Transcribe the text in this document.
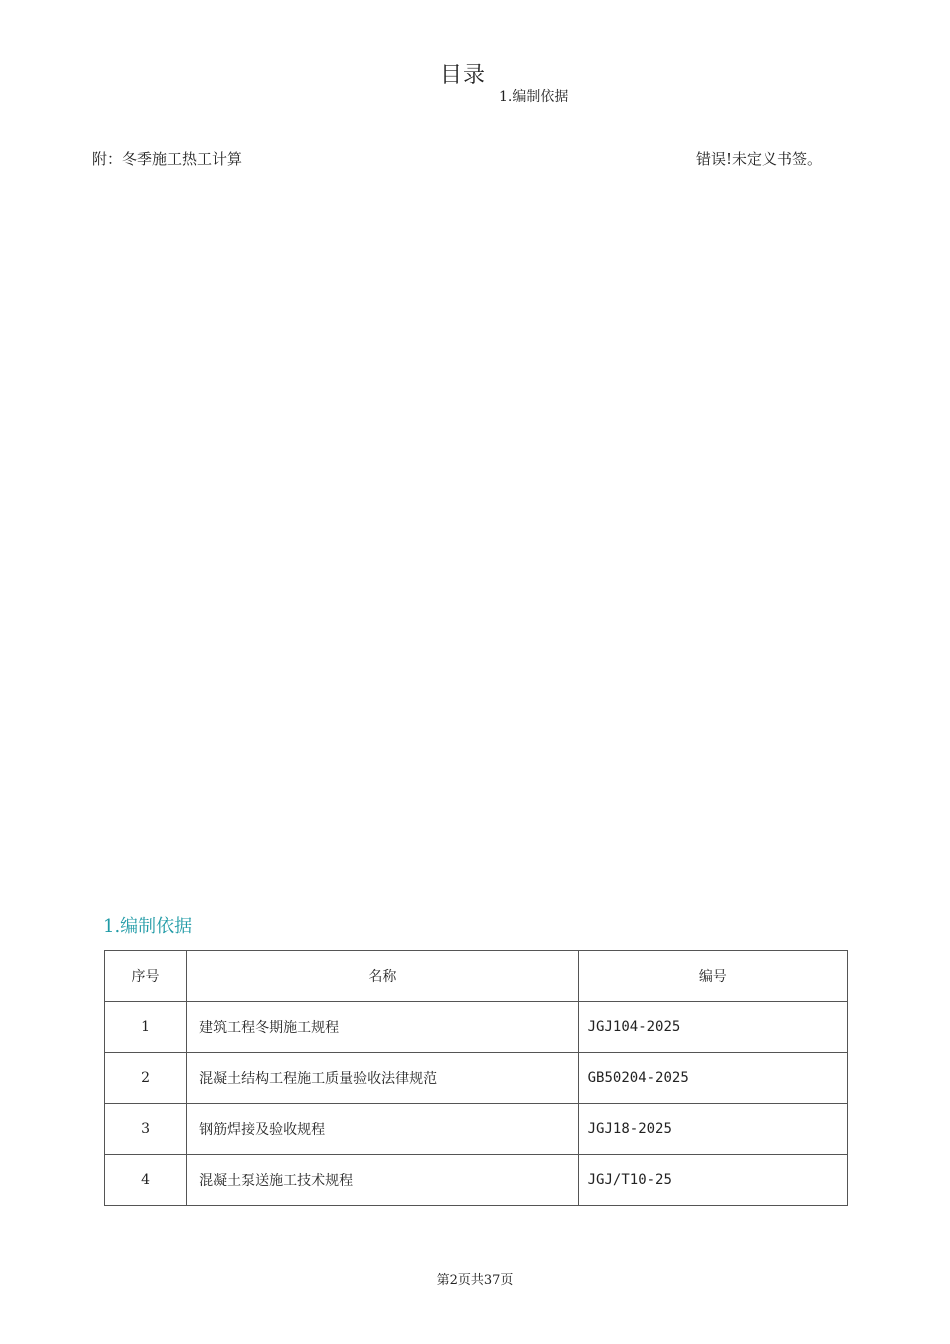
目录
1.编制依据
附：冬季施工热工计算	错误!未定义书签。
1.编制依据
序号	名称	编号
1	建筑工程冬期施工规程	JGJ104-2025
2	混凝土结构工程施工质量验收法律规范	GB50204-2025
3	钢筋焊接及验收规程	JGJ18-2025
4	混凝土泵送施工技术规程	JGJ/T10-25
第2页共37页
